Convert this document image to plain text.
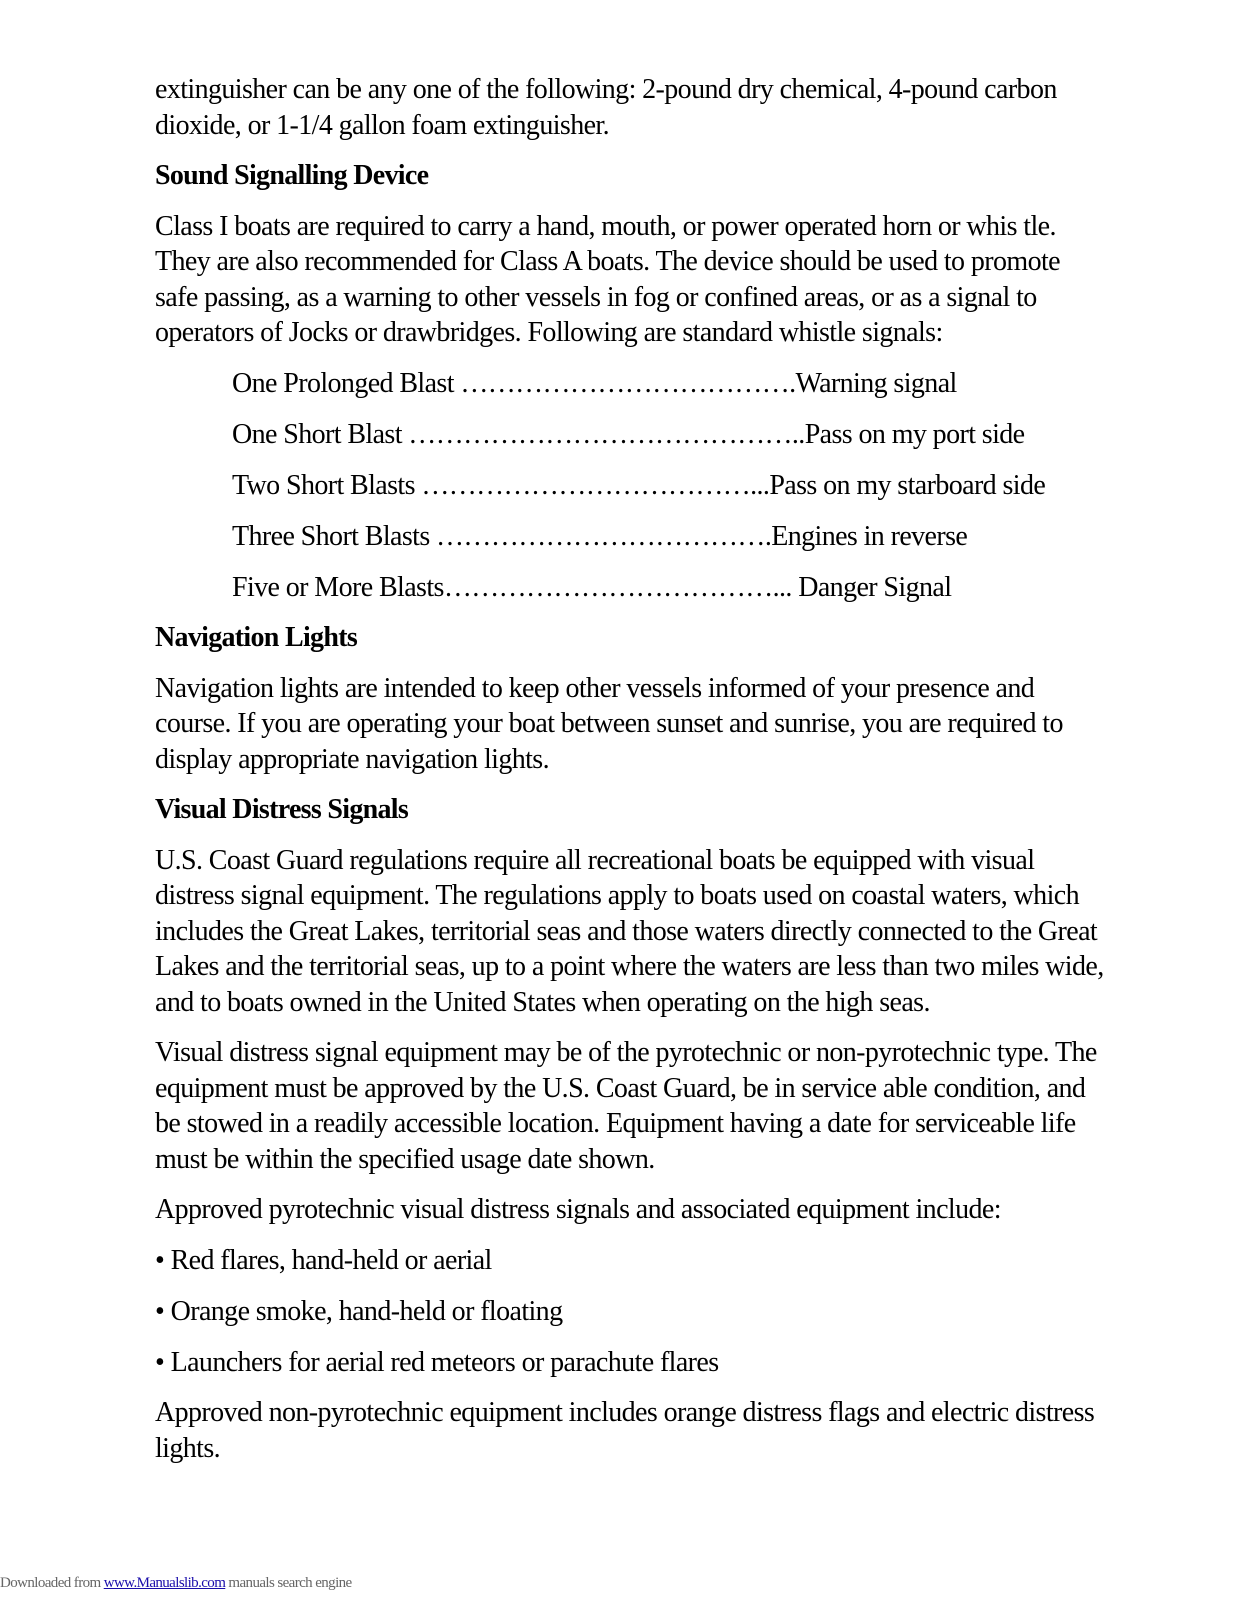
extinguisher can be any one of the following: 2-pound dry chemical, 4-pound carbon

dioxide, or 1-1/4 gallon foam extinguisher.

Sound Signalling Device

Class I boats are required to carry a hand, mouth, or power operated horn or whis tle.

They are also recommended for Class A boats. The device should be used to promote

safe passing, as a warning to other vessels in fog or confined areas, or as a signal to

operators of Jocks or drawbridges. Following are standard whistle signals:

One Prolonged Blast ……………………………….Warning signal
One Short Blast ……………………………………..Pass on my port side
Two Short Blasts ………………………………...Pass on my starboard side
Three Short Blasts ……………………………….Engines in reverse
Five or More Blasts………………………………... Danger Signal
Navigation Lights

Navigation lights are intended to keep other vessels informed of your presence and

course. If you are operating your boat between sunset and sunrise, you are required to

display appropriate navigation lights.

Visual Distress Signals

U.S. Coast Guard regulations require all recreational boats be equipped with visual

distress signal equipment. The regulations apply to boats used on coastal waters, which

includes the Great Lakes, territorial seas and those waters directly connected to the Great

Lakes and the territorial seas, up to a point where the waters are less than two miles wide,

and to boats owned in the United States when operating on the high seas.

Visual distress signal equipment may be of the pyrotechnic or non-pyrotechnic type. The

equipment must be approved by the U.S. Coast Guard, be in service able condition, and

be stowed in a readily accessible location. Equipment having a date for serviceable life

must be within the specified usage date shown.

Approved pyrotechnic visual distress signals and associated equipment include:

• Red flares, hand-held or aerial

• Orange smoke, hand-held or floating

• Launchers for aerial red meteors or parachute flares

Approved non-pyrotechnic equipment includes orange distress flags and electric distress

lights.

Downloaded from www.Manualslib.com manuals search engine
